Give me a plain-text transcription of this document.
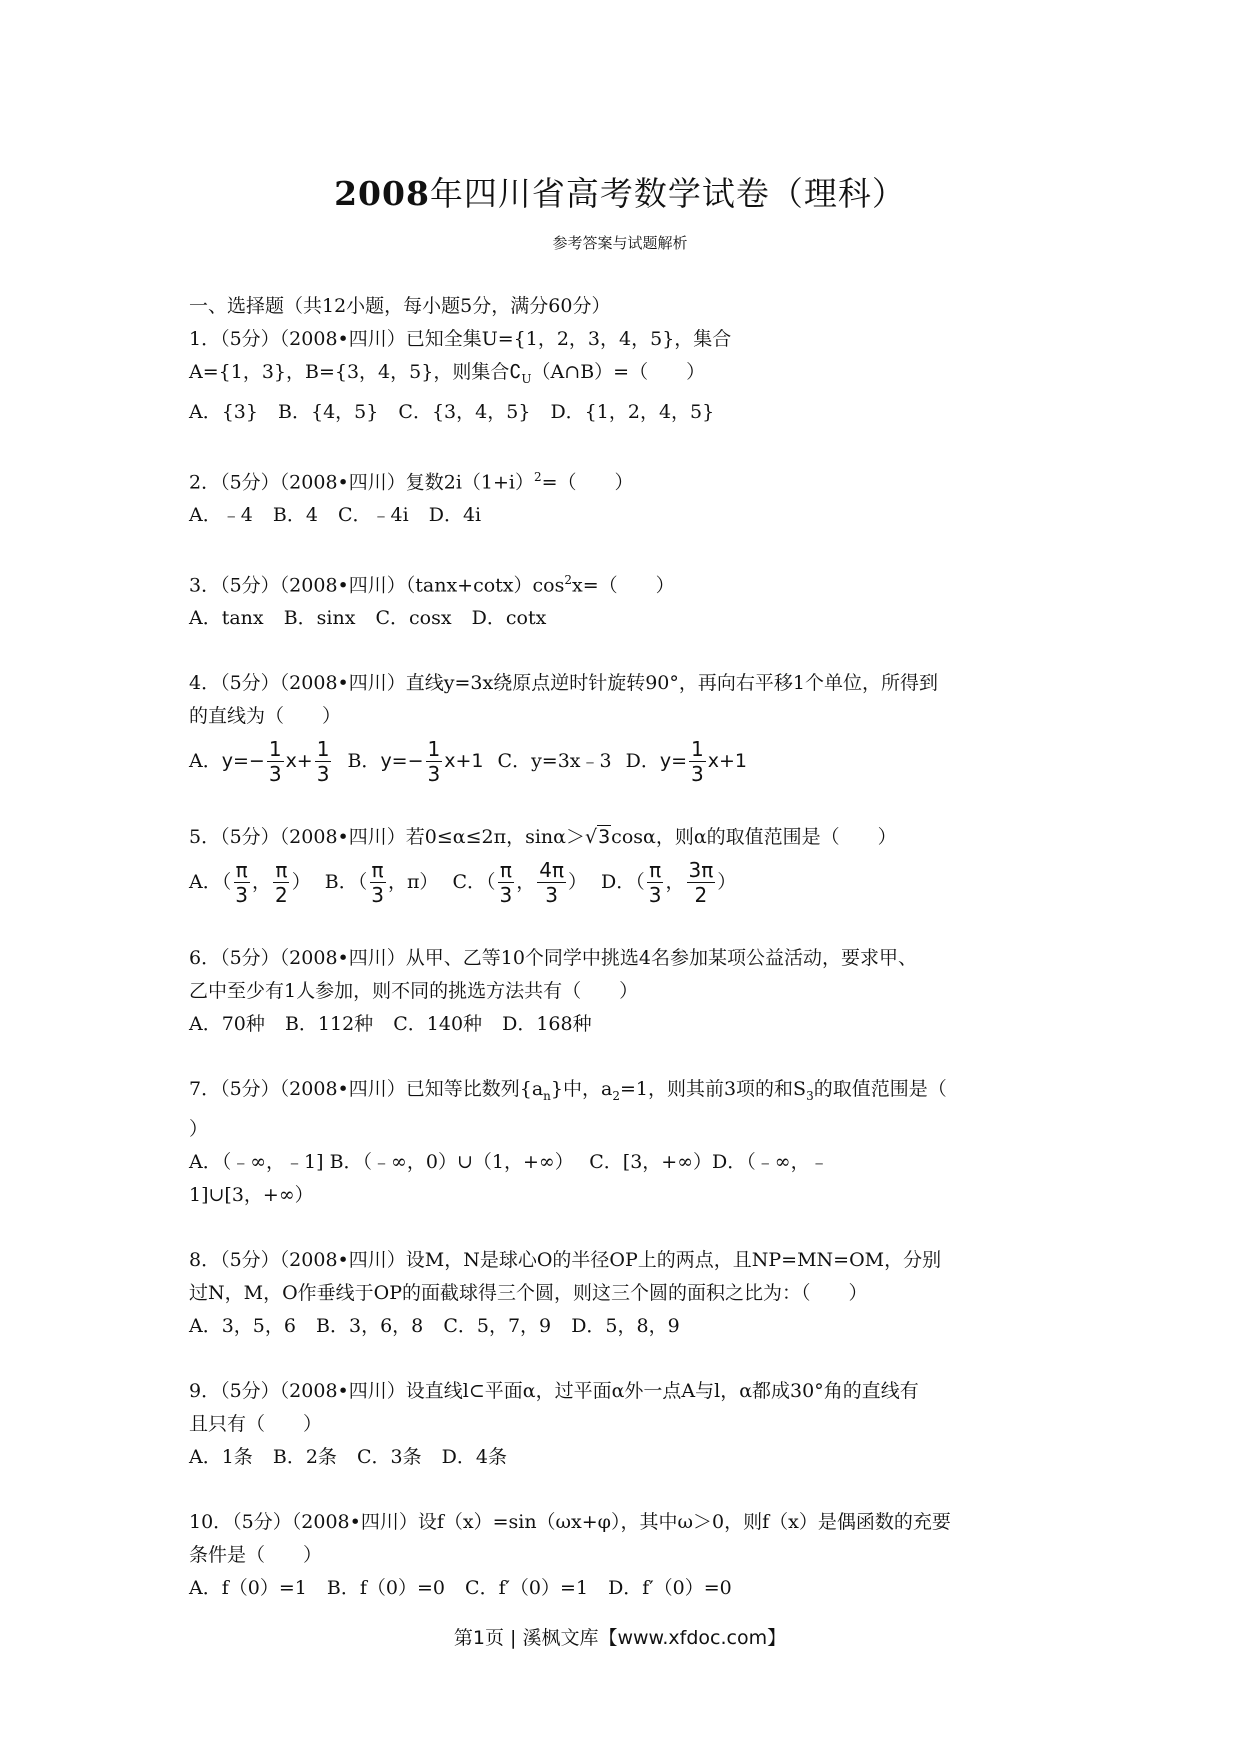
2008年四川省高考数学试卷（理科）
参考答案与试题解析
一、选择题（共12小题，每小题5分，满分60分）
1．（5分）（2008•四川）已知全集U={1，2，3，4，5}，集合
A={1，3}，B={3，4，5}，则集合$∁_U(A\cap B)=$（　　）
A．{3} B．{4，5} C．{3，4，5} D．{1，2，4，5}
2．（5分）（2008•四川）复数$2i(1+i)^2=$（　　）
A．﹣4 B．4 C．﹣4i D．4i
3．（5分）（2008•四川）$(\tan x+\cot x)\cos^2x=$（　　）
A．tanx B．sinx C．cosx D．cotx
4．（5分）（2008•四川）直线y=3x绕原点逆时针旋转90°，再向右平移1个单位，所得到
的直线为（　　）
A． $y=- \frac{1}{3} x+ \frac{1}{3}$ B． $y=- \frac{1}{3} x+1$ C．y=3x﹣3 D． $y= \frac{1}{3} x+1$
5．（5分）（2008•四川）若0≤α≤2π，sinα＞√3cosα，则α的取值范围是（　　）
A．（ $\frac{\pi}{3}$ ， $\frac{\pi}{2}$ ） B．（ $\frac{\pi}{3}$ ，π） C．（ $\frac{\pi}{3}$ ， $\frac{4\pi}{3}$ ） D．（ $\frac{\pi}{3}$ ， $\frac{3\pi}{2}$ ）
6．（5分）（2008•四川）从甲、乙等10个同学中挑选4名参加某项公益活动，要求甲、
乙中至少有1人参加，则不同的挑选方法共有（　　）
A．70种 B．112种 C．140种 D．168种
7．（5分）（2008•四川）已知等比数列$\{a_n\}$中，$a_2=1$，则其前3项的和$S_3$的取值范围是（
）
A．（﹣∞，﹣1] B．（﹣∞，0）∪（1，+∞）　 C．[3，+∞）D．（﹣∞，﹣
1]∪[3，+∞）
8．（5分）（2008•四川）设M，N是球心O的半径OP上的两点，且NP=MN=OM，分别
过N，M，O作垂线于OP的面截球得三个圆，则这三个圆的面积之比为：（　　）
A．3，5，6 B．3，6，8 C．5，7，9 D．5，8，9
9．（5分）（2008•四川）设直线l⊂平面α，过平面α外一点A与l，α都成30°角的直线有
且只有（　　）
A．1条 B．2条 C．3条 D．4条
10．（5分）（2008•四川）设f（x）=sin（ωx+φ），其中ω＞0，则f（x）是偶函数的充要
条件是（　　）
A．f（0）=1 B．f（0）=0 C．f′（0）=1 D．f′（0）=0
第1页 | 溪枫文库【www.xfdoc.com】
